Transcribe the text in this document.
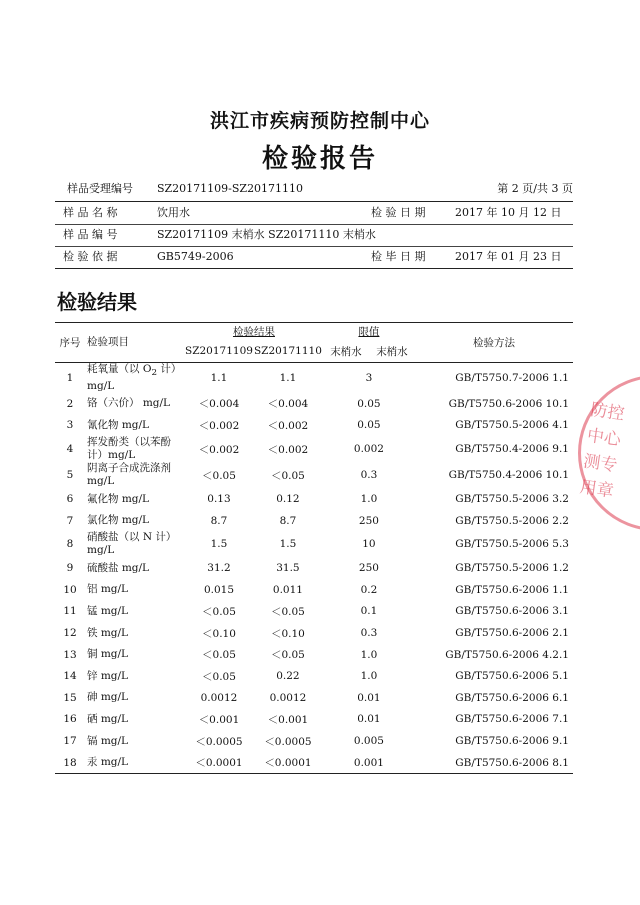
洪江市疾病预防控制中心
检验报告
样品受理编号 SZ20171109-SZ20171110	第 2 页/共 3 页
样 品 名 称	饮用水	检 验 日 期	2017 年 10 月 12 日
样 品 编 号	SZ20171109 末梢水 SZ20171110 末梢水
检 验 依 据	GB5749-2006	检 毕 日 期	2017 年 01 月 23 日
检验结果
序号	检验项目	检验结果		限值		检验方法
		SZ20171109	SZ20171110	末梢水	末梢水	
1	耗氧量（以 $O_2$ 计）mg/L	1.1	1.1	3		GB/T5750.7-2006 1.1
2	铬（六价） mg/L	＜0.004	＜0.004	0.05		GB/T5750.6-2006 10.1
3	氰化物 mg/L	＜0.002	＜0.002	0.05		GB/T5750.5-2006 4.1
4	挥发酚类（以苯酚计）mg/L	＜0.002	＜0.002	0.002		GB/T5750.4-2006 9.1
5	阴离子合成洗涤剂 mg/L	＜0.05	＜0.05	0.3		GB/T5750.4-2006 10.1
6	氟化物 mg/L	0.13	0.12	1.0		GB/T5750.5-2006 3.2
7	氯化物 mg/L	8.7	8.7	250		GB/T5750.5-2006 2.2
8	硝酸盐（以 N 计）mg/L	1.5	1.5	10		GB/T5750.5-2006 5.3
9	硫酸盐 mg/L	31.2	31.5	250		GB/T5750.5-2006 1.2
10	铝 mg/L	0.015	0.011	0.2		GB/T5750.6-2006 1.1
11	锰 mg/L	＜0.05	＜0.05	0.1		GB/T5750.6-2006 3.1
12	铁 mg/L	＜0.10	＜0.10	0.3		GB/T5750.6-2006 2.1
13	铜 mg/L	＜0.05	＜0.05	1.0		GB/T5750.6-2006 4.2.1
14	锌 mg/L	＜0.05	0.22	1.0		GB/T5750.6-2006 5.1
15	砷 mg/L	0.0012	0.0012	0.01		GB/T5750.6-2006 6.1
16	硒 mg/L	＜0.001	＜0.001	0.01		GB/T5750.6-2006 7.1
17	镉 mg/L	＜0.0005	＜0.0005	0.005		GB/T5750.6-2006 9.1
18	汞 mg/L	＜0.0001	＜0.0001	0.001		GB/T5750.6-2006 8.1
防控中心
测专用章
